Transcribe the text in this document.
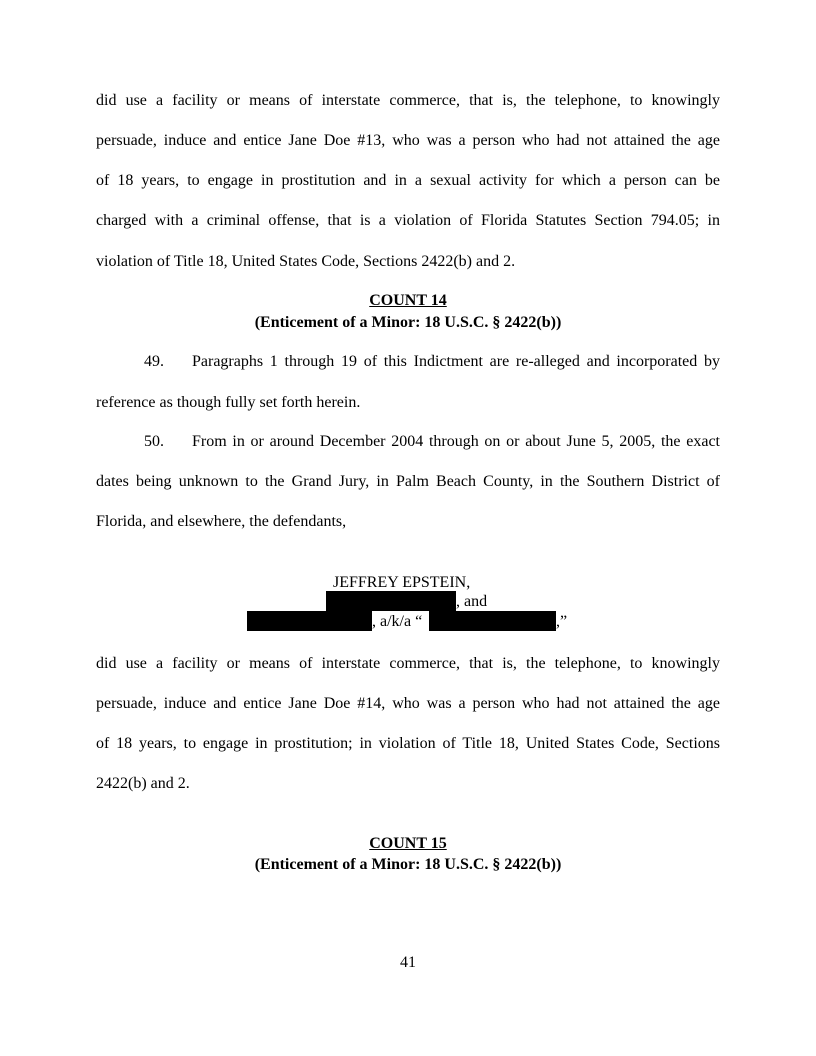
did use a facility or means of interstate commerce, that is, the telephone, to knowingly
persuade, induce and entice Jane Doe #13, who was a person who had not attained the age
of 18 years, to engage in prostitution and in a sexual activity for which a person can be
charged with a criminal offense, that is a violation of Florida Statutes Section 794.05; in
violation of Title 18, United States Code, Sections 2422(b) and 2.
COUNT 14
(Enticement of a Minor: 18 U.S.C. § 2422(b))
49. Paragraphs 1 through 19 of this Indictment are re-alleged and incorporated by
reference as though fully set forth herein.
50. From in or around December 2004 through on or about June 5, 2005, the exact
dates being unknown to the Grand Jury, in Palm Beach County, in the Southern District of
Florida, and elsewhere, the defendants,
JEFFREY EPSTEIN,
, and
, a/k/a “	,”
did use a facility or means of interstate commerce, that is, the telephone, to knowingly
persuade, induce and entice Jane Doe #14, who was a person who had not attained the age
of 18 years, to engage in prostitution; in violation of Title 18, United States Code, Sections
2422(b) and 2.
COUNT 15
(Enticement of a Minor: 18 U.S.C. § 2422(b))
41
